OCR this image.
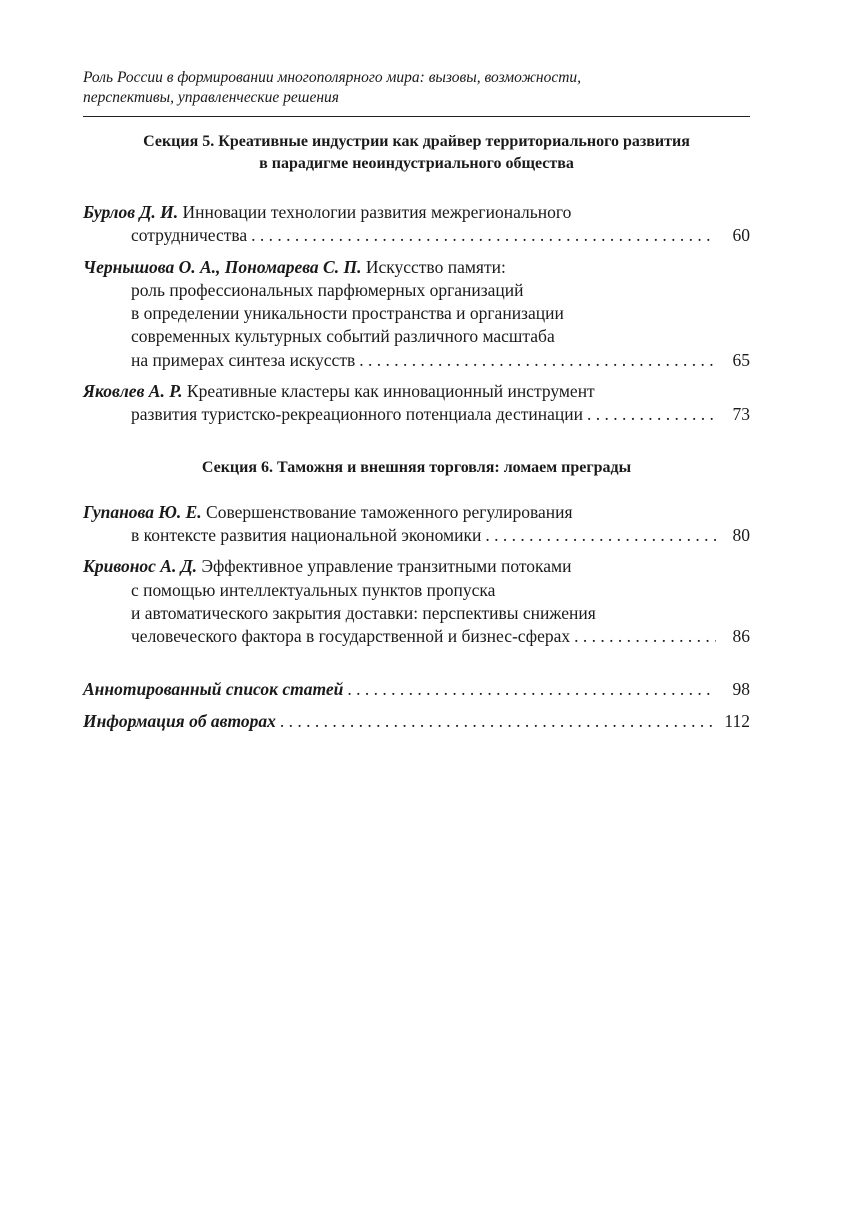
Роль России в формировании многополярного мира: вызовы, возможности,
перспективы, управленческие решения
Секция 5. Креативные индустрии как драйвер территориального развития
в парадигме неоиндустриального общества
Бурлов Д. И.
Инновации технологии развития межрегионального
сотрудничества . . .	60
Чернышова О. А., Пономарева С. П.
Искусство памяти:
роль профессиональных парфюмерных организаций
в определении уникальности пространства и организации
современных культурных событий различного масштаба
на примерах синтеза искусств . . .	65
Яковлев А. Р.
Креативные кластеры как инновационный инструмент
развития туристско-рекреационного потенциала дестинации . . .	73
Секция 6. Таможня и внешняя торговля: ломаем преграды
Гупанова Ю. Е.
Совершенствование таможенного регулирования
в контексте развития национальной экономики . . .	80
Кривонос А. Д.
Эффективное управление транзитными потоками
с помощью интеллектуальных пунктов пропуска
и автоматического закрытия доставки: перспективы снижения
человеческого фактора в государственной и бизнес-сферах . . .	86
Аннотированный список статей . . .	98
Информация об авторах . . .	112
